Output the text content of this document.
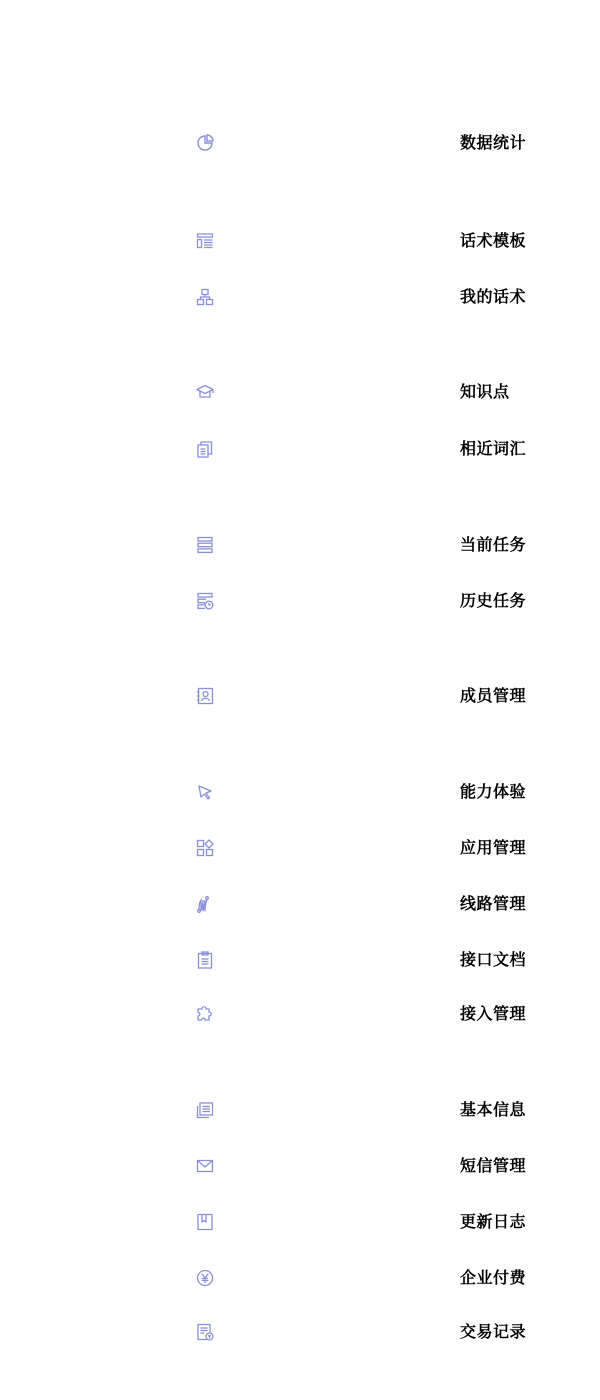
数据统计
话术模板
我的话术
知识点
相近词汇
当前任务
历史任务
成员管理
能力体验
应用管理
线路管理
接口文档
接入管理
基本信息
短信管理
更新日志
企业付费
交易记录
